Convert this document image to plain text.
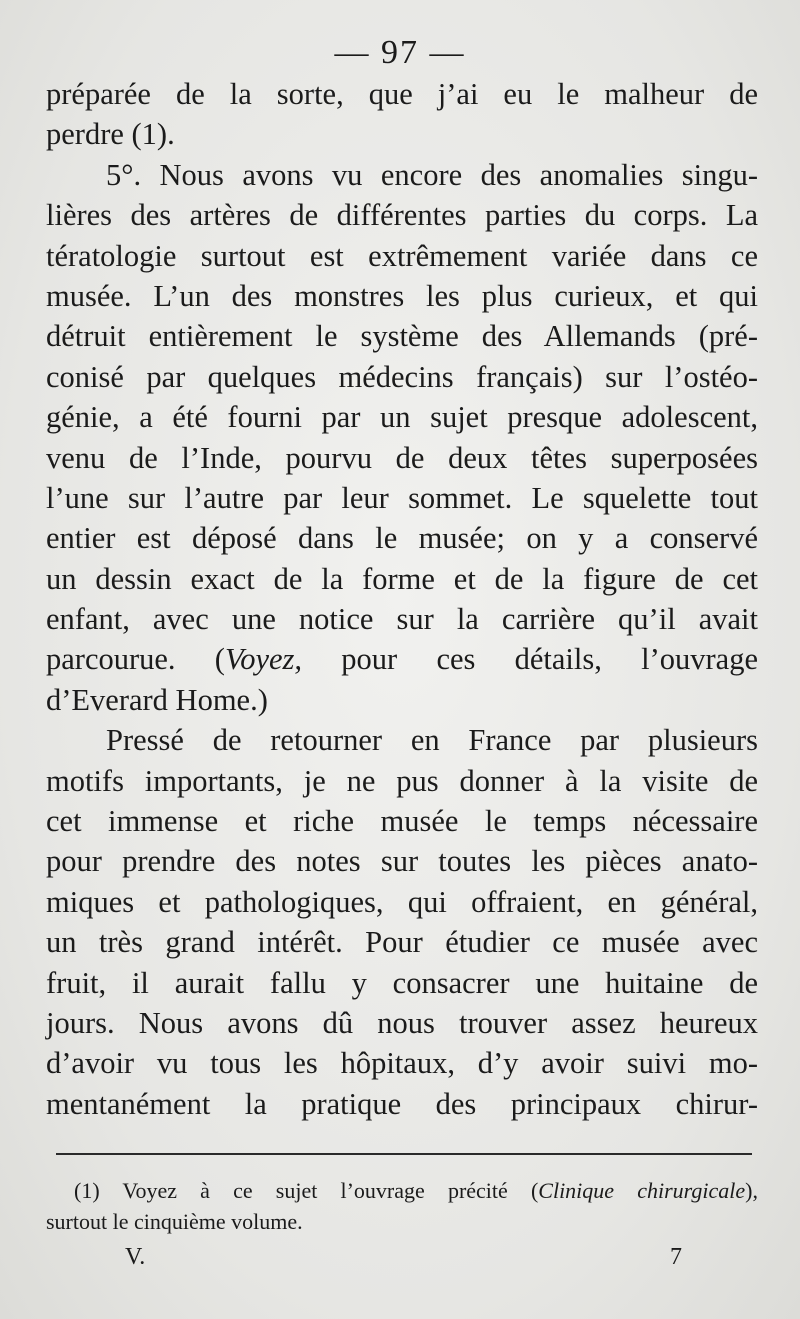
— 97 —
préparée de la sorte, que j’ai eu le malheur de
perdre (1).
5°. Nous avons vu encore des anomalies singu-
lières des artères de différentes parties du corps. La
tératologie surtout est extrêmement variée dans ce
musée. L’un des monstres les plus curieux, et qui
détruit entièrement le système des Allemands (pré-
conisé par quelques médecins français) sur l’ostéo-
génie, a été fourni par un sujet presque adolescent,
venu de l’Inde, pourvu de deux têtes superposées
l’une sur l’autre par leur sommet. Le squelette tout
entier est déposé dans le musée; on y a conservé
un dessin exact de la forme et de la figure de cet
enfant, avec une notice sur la carrière qu’il avait
parcourue. (Voyez, pour ces détails, l’ouvrage
d’Everard Home.)
Pressé de retourner en France par plusieurs
motifs importants, je ne pus donner à la visite de
cet immense et riche musée le temps nécessaire
pour prendre des notes sur toutes les pièces anato-
miques et pathologiques, qui offraient, en général,
un très grand intérêt. Pour étudier ce musée avec
fruit, il aurait fallu y consacrer une huitaine de
jours. Nous avons dû nous trouver assez heureux
d’avoir vu tous les hôpitaux, d’y avoir suivi mo-
mentanément la pratique des principaux chirur-
(1) Voyez à ce sujet l’ouvrage précité (Clinique chirurgicale),
surtout le cinquième volume.
V.	7
